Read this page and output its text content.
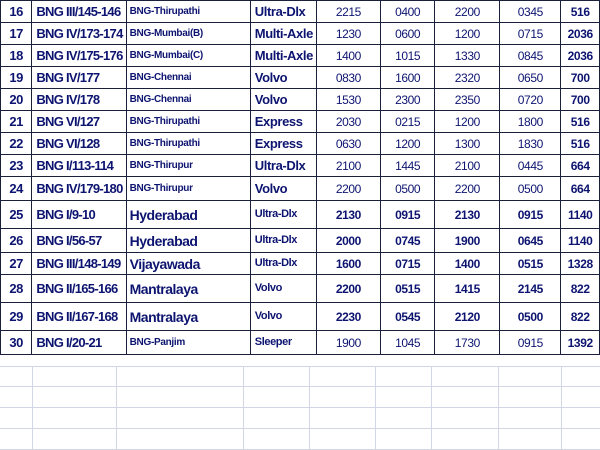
16	BNG III/145-146	BNG-Thirupathi	Ultra-Dlx	2215	0400	2200	0345	516
17	BNG IV/173-174	BNG-Mumbai(B)	Multi-Axle	1230	0600	1200	0715	2036
18	BNG IV/175-176	BNG-Mumbai(C)	Multi-Axle	1400	1015	1330	0845	2036
19	BNG IV/177	BNG-Chennai	Volvo	0830	1600	2320	0650	700
20	BNG IV/178	BNG-Chennai	Volvo	1530	2300	2350	0720	700
21	BNG VI/127	BNG-Thirupathi	Express	2030	0215	1200	1800	516
22	BNG VI/128	BNG-Thirupathi	Express	0630	1200	1300	1830	516
23	BNG I/113-114	BNG-Thirupur	Ultra-Dlx	2100	1445	2100	0445	664
24	BNG IV/179-180	BNG-Thirupur	Volvo	2200	0500	2200	0500	664
25	BNG I/9-10	Hyderabad	Ultra-Dlx	2130	0915	2130	0915	1140
26	BNG I/56-57	Hyderabad	Ultra-Dlx	2000	0745	1900	0645	1140
27	BNG III/148-149	Vijayawada	Ultra-Dlx	1600	0715	1400	0515	1328
28	BNG II/165-166	Mantralaya	Volvo	2200	0515	1415	2145	822
29	BNG II/167-168	Mantralaya	Volvo	2230	0545	2120	0500	822
30	BNG I/20-21	BNG-Panjim	Sleeper	1900	1045	1730	0915	1392
